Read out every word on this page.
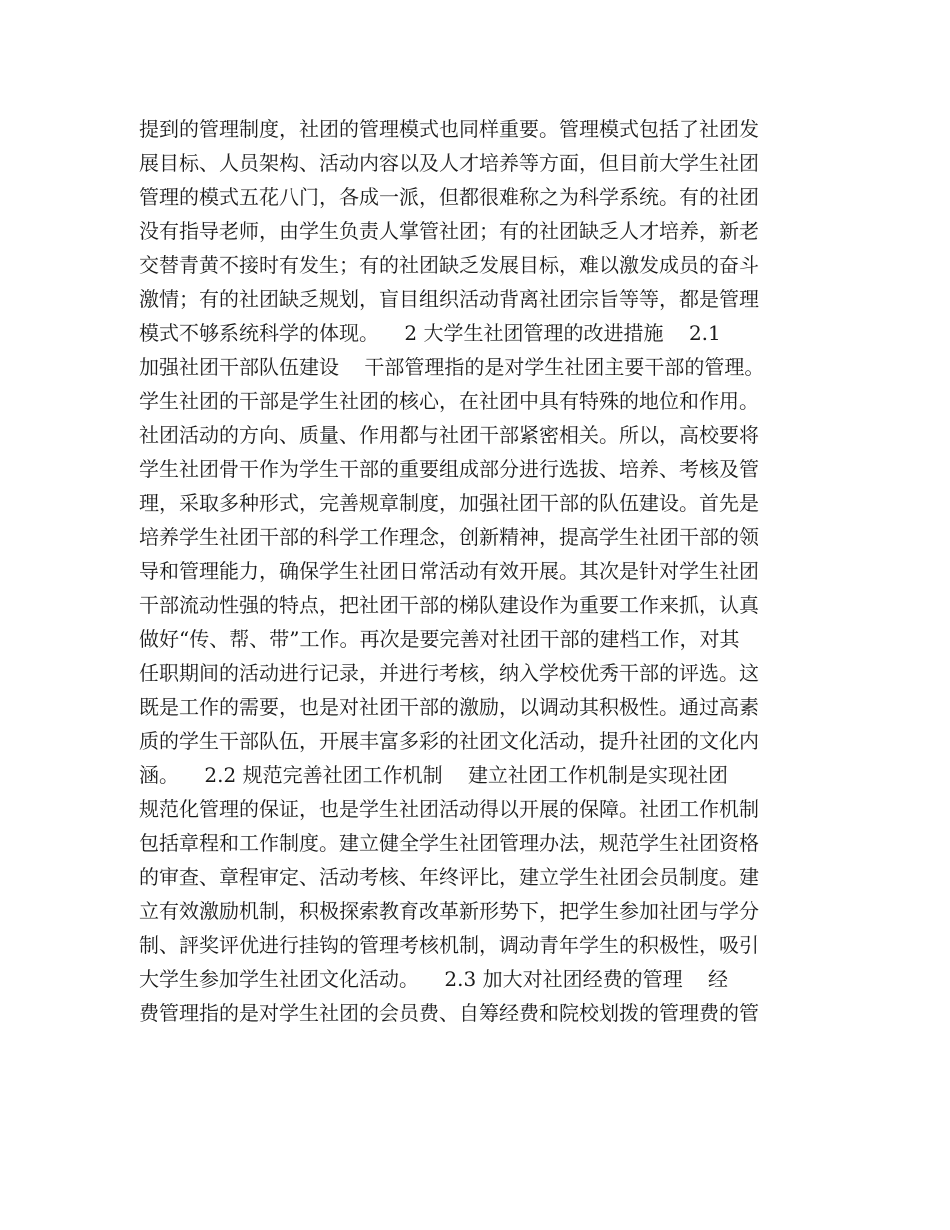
提到的管理制度，社团的管理模式也同样重要。管理模式包括了社团发
展目标、人员架构、活动内容以及人才培养等方面，但目前大学生社团
管理的模式五花八门，各成一派，但都很难称之为科学系统。有的社团
没有指导老师，由学生负责人掌管社团；有的社团缺乏人才培养，新老
交替青黄不接时有发生；有的社团缺乏发展目标，难以激发成员的奋斗
激情；有的社团缺乏规划，盲目组织活动背离社团宗旨等等，都是管理
模式不够系统科学的体现。    2 大学生社团管理的改进措施    2.1
加强社团干部队伍建设    干部管理指的是对学生社团主要干部的管理。
学生社团的干部是学生社团的核心，在社团中具有特殊的地位和作用。
社团活动的方向、质量、作用都与社团干部紧密相关。所以，高校要将
学生社团骨干作为学生干部的重要组成部分进行选拔、培养、考核及管
理，采取多种形式，完善规章制度，加强社团干部的队伍建设。首先是
培养学生社团干部的科学工作理念，创新精神，提高学生社团干部的领
导和管理能力，确保学生社团日常活动有效开展。其次是针对学生社团
干部流动性强的特点，把社团干部的梯队建设作为重要工作来抓，认真
做好“传、帮、带”工作。再次是要完善对社团干部的建档工作，对其
任职期间的活动进行记录，并进行考核，纳入学校优秀干部的评选。这
既是工作的需要，也是对社团干部的激励，以调动其积极性。通过高素
质的学生干部队伍，开展丰富多彩的社团文化活动，提升社团的文化内
涵。    2.2 规范完善社团工作机制    建立社团工作机制是实现社团
规范化管理的保证，也是学生社团活动得以开展的保障。社团工作机制
包括章程和工作制度。建立健全学生社团管理办法，规范学生社团资格
的审查、章程审定、活动考核、年终评比，建立学生社团会员制度。建
立有效激励机制，积极探索教育改革新形势下，把学生参加社团与学分
制、評奖评优进行挂钩的管理考核机制，调动青年学生的积极性，吸引
大学生参加学生社团文化活动。    2.3 加大对社团经费的管理    经
费管理指的是对学生社团的会员费、自筹经费和院校划拨的管理费的管
